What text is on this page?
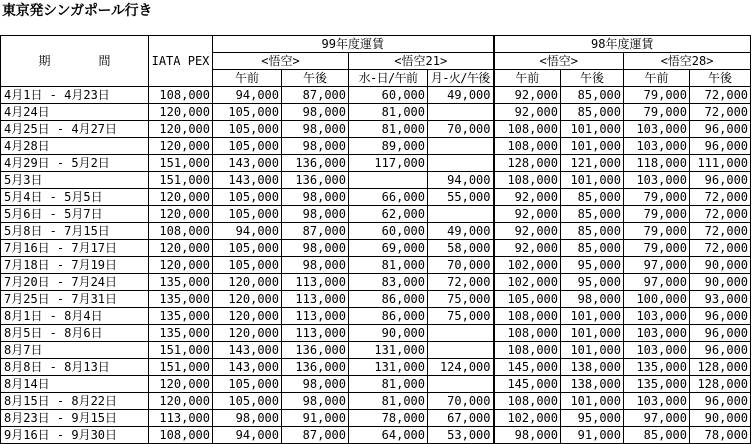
東京発シンガポール行き
期　間	IATA PEX	99年度運賃				98年度運賃			
		<悟空>		<悟空21>		<悟空>		<悟空28>	
		午前	午後	水-日/午前	月-火/午後	午前	午後	午前	午後
4月1日 - 4月23日	108,000	94,000	87,000	60,000	49,000	92,000	85,000	79,000	72,000
4月24日	120,000	105,000	98,000	81,000		92,000	85,000	79,000	72,000
4月25日 - 4月27日	120,000	105,000	98,000	81,000	70,000	108,000	101,000	103,000	96,000
4月28日	120,000	105,000	98,000	89,000		108,000	101,000	103,000	96,000
4月29日 - 5月2日	151,000	143,000	136,000	117,000		128,000	121,000	118,000	111,000
5月3日	151,000	143,000	136,000		94,000	108,000	101,000	103,000	96,000
5月4日 - 5月5日	120,000	105,000	98,000	66,000	55,000	92,000	85,000	79,000	72,000
5月6日 - 5月7日	120,000	105,000	98,000	62,000		92,000	85,000	79,000	72,000
5月8日 - 7月15日	108,000	94,000	87,000	60,000	49,000	92,000	85,000	79,000	72,000
7月16日 - 7月17日	120,000	105,000	98,000	69,000	58,000	92,000	85,000	79,000	72,000
7月18日 - 7月19日	120,000	105,000	98,000	81,000	70,000	102,000	95,000	97,000	90,000
7月20日 - 7月24日	135,000	120,000	113,000	83,000	72,000	102,000	95,000	97,000	90,000
7月25日 - 7月31日	135,000	120,000	113,000	86,000	75,000	105,000	98,000	100,000	93,000
8月1日 - 8月4日	135,000	120,000	113,000	86,000	75,000	108,000	101,000	103,000	96,000
8月5日 - 8月6日	135,000	120,000	113,000	90,000		108,000	101,000	103,000	96,000
8月7日	151,000	143,000	136,000	131,000		108,000	101,000	103,000	96,000
8月8日 - 8月13日	151,000	143,000	136,000	131,000	124,000	145,000	138,000	135,000	128,000
8月14日	120,000	105,000	98,000	81,000		145,000	138,000	135,000	128,000
8月15日 - 8月22日	120,000	105,000	98,000	81,000	70,000	108,000	101,000	103,000	96,000
8月23日 - 9月15日	113,000	98,000	91,000	78,000	67,000	102,000	95,000	97,000	90,000
9月16日 - 9月30日	108,000	94,000	87,000	64,000	53,000	98,000	91,000	85,000	78,000
